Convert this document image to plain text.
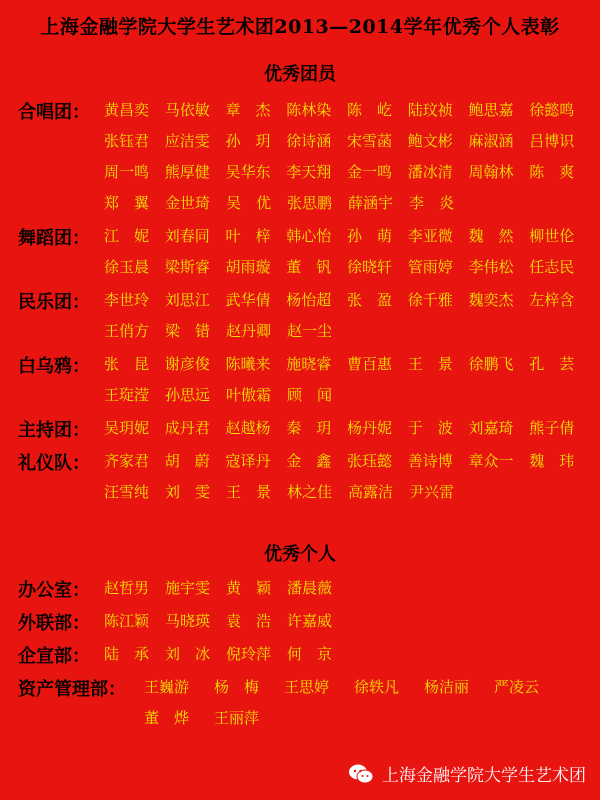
上海金融学院大学生艺术团2013—2014学年优秀个人表彰
优秀团员
合唱团： 黄昌奕	马依敏	章　杰	陈林染	陈　屹	陆玟祯	鲍思嘉	徐懿鸣
张钰君	应洁雯	孙　玥	徐诗涵	宋雪菡	鲍文彬	麻淑涵	吕博识
周一鸣	熊厚健	吴华东	李天翔	金一鸣	潘冰清	周翰林	陈　爽
郑　翼	金世琦	吴　优	张思鹏	薛涵宇	李　炎
舞蹈团： 江　妮	刘春同	叶　梓	韩心怡	孙　萌	李亚微	魏　然	柳世伦
徐玉晨	梁斯睿	胡雨璇	董　钒	徐晓轩	管雨婷	李伟松	任志民
民乐团： 李世玲	刘思江	武华倩	杨怡超	张　盈	徐千雅	魏奕杰	左梓含
王俏方	梁　错	赵丹卿	赵一尘
白乌鸦： 张　昆	谢彦俊	陈曦来	施晓睿	曹百惠	王　景	徐鹏飞	孔　芸
王琁滢	孙思远	叶傲霜	顾　闻
主持团： 吴玥妮	成丹君	赵越杨	秦　玥	杨丹妮	于　波	刘嘉琦	熊子倩
礼仪队： 齐家君	胡　蔚	寇译丹	金　鑫	张珏懿	善诗博	章众一	魏　玮
汪雪纯	刘　雯	王　景	林之佳	高露洁	尹兴雷
优秀个人
办公室： 赵哲男	施宇雯	黄　颖	潘晨薇
外联部： 陈江颖	马晓瑛	袁　浩	许嘉威
企宣部： 陆　承	刘　冰	倪玲萍	何　京
资产管理部： 王巍游	杨　梅	王思婷	徐轶凡	杨洁丽	严凌云
董　烨	王丽萍
上海金融学院大学生艺术团
